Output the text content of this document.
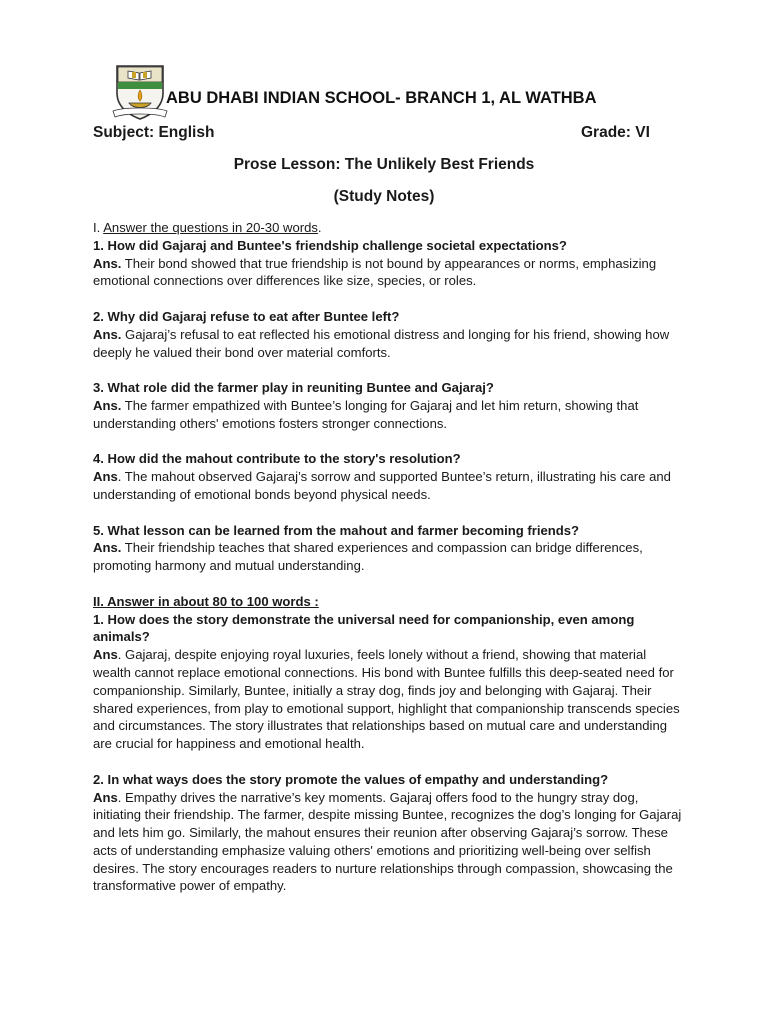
ABU DHABI INDIAN SCHOOL- BRANCH 1, AL WATHBA
Subject: English	Grade: VI
Prose Lesson: The Unlikely Best Friends
(Study Notes)
I. Answer the questions in 20-30 words.
1. How did Gajaraj and Buntee's friendship challenge societal expectations?

Ans. Their bond showed that true friendship is not bound by appearances or norms, emphasizing emotional connections over differences like size, species, or roles.

2. Why did Gajaraj refuse to eat after Buntee left?

Ans. Gajaraj’s refusal to eat reflected his emotional distress and longing for his friend, showing how deeply he valued their bond over material comforts.

3. What role did the farmer play in reuniting Buntee and Gajaraj?

Ans. The farmer empathized with Buntee’s longing for Gajaraj and let him return, showing that understanding others' emotions fosters stronger connections.

4. How did the mahout contribute to the story's resolution?

Ans. The mahout observed Gajaraj’s sorrow and supported Buntee’s return, illustrating his care and understanding of emotional bonds beyond physical needs.

5. What lesson can be learned from the mahout and farmer becoming friends?

Ans. Their friendship teaches that shared experiences and compassion can bridge differences, promoting harmony and mutual understanding.

II. Answer in about 80 to 100 words :
1. How does the story demonstrate the universal need for companionship, even among animals?

Ans. Gajaraj, despite enjoying royal luxuries, feels lonely without a friend, showing that material wealth cannot replace emotional connections. His bond with Buntee fulfills this deep-seated need for companionship. Similarly, Buntee, initially a stray dog, finds joy and belonging with Gajaraj. Their shared experiences, from play to emotional support, highlight that companionship transcends species and circumstances. The story illustrates that relationships based on mutual care and understanding are crucial for happiness and emotional health.

2. In what ways does the story promote the values of empathy and understanding?

Ans. Empathy drives the narrative’s key moments. Gajaraj offers food to the hungry stray dog, initiating their friendship. The farmer, despite missing Buntee, recognizes the dog’s longing for Gajaraj and lets him go. Similarly, the mahout ensures their reunion after observing Gajaraj’s sorrow. These acts of understanding emphasize valuing others' emotions and prioritizing well-being over selfish desires. The story encourages readers to nurture relationships through compassion, showcasing the transformative power of empathy.
